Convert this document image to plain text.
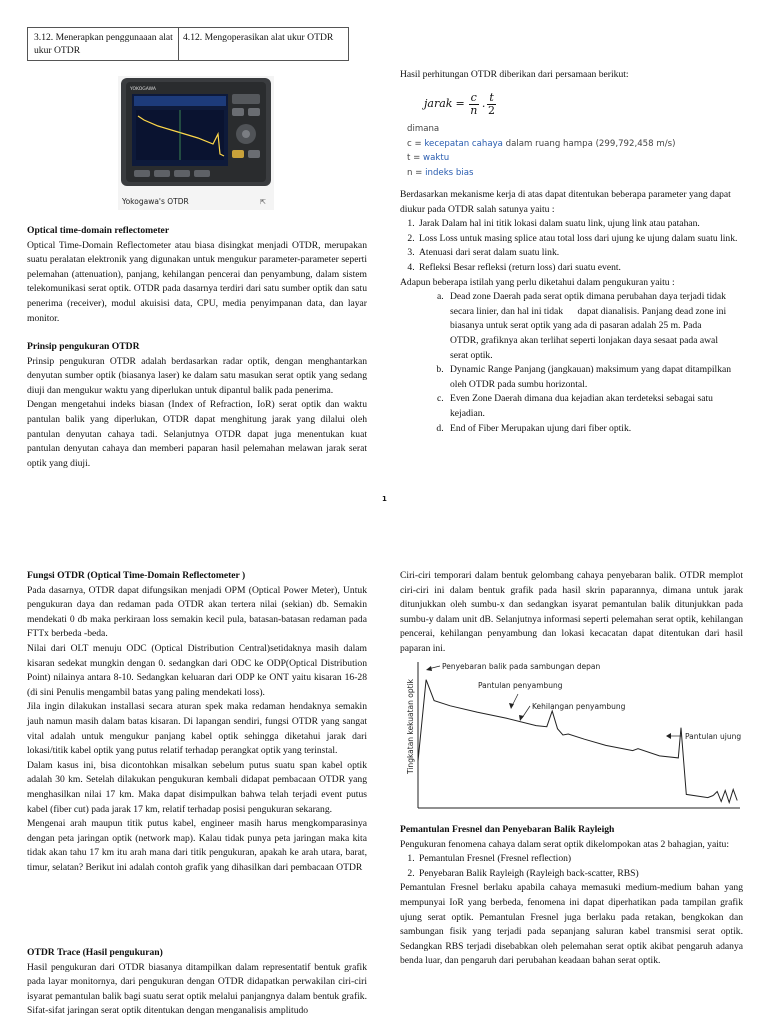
3.12. Menerapkan penggunaaan alat ukur OTDR	4.12. Mengoperasikan alat ukur OTDR
YOKOGAWA
Yokogawa's OTDR	⇱
Optical time-domain reflectometer
Optical Time-Domain Reflectometer atau biasa disingkat menjadi OTDR, merupakan suatu peralatan elektronik yang digunakan untuk mengukur parameter-parameter seperti pelemahan (attenuation), panjang, kehilangan pencerai dan penyambung, dalam sistem telekomunikasi serat optik. OTDR pada dasarnya terdiri dari satu sumber optik dan satu penerima (receiver), modul akuisisi data, CPU, media penyimpanan data, dan layar monitor.
Prinsip pengukuran OTDR
Prinsip pengukuran OTDR adalah berdasarkan radar optik, dengan menghantarkan denyutan sumber optik (biasanya laser) ke dalam satu masukan serat optik yang sedang diuji dan mengukur waktu yang diperlukan untuk dipantul balik pada penerima.
Dengan mengetahui indeks biasan (Index of Refraction, IoR) serat optik dan waktu pantulan balik yang diperlukan, OTDR dapat menghitung jarak yang dilalui oleh pantulan denyutan cahaya tadi. Selanjutnya OTDR dapat juga menentukan kuat pantulan denyutan cahaya dan memberi paparan hasil pelemahan melawan jarak serat optik yang diuji.
Hasil perhitungan OTDR diberikan dari persamaan berikut:
jarak = $\frac{c}{n}$ . t
2
dimana
c = kecepatan cahaya dalam ruang hampa (299,792,458 m/s)
t = waktu
n = indeks bias
Berdasarkan mekanisme kerja di atas dapat ditentukan beberapa parameter yang dapat diukur pada OTDR salah satunya yaitu :
1. Jarak Dalam hal ini titik lokasi dalam suatu link, ujung link atau patahan.
2. Loss Loss untuk masing splice atau total loss dari ujung ke ujung dalam suatu link.
3. Atenuasi dari serat dalam suatu link.
4. Refleksi Besar refleksi (return loss) dari suatu event.
Adapun beberapa istilah yang perlu diketahui dalam pengukuran yaitu :
a. Dead zone Daerah pada serat optik dimana perubahan daya terjadi tidak secara linier, dan hal ini tidak      dapat dianalisis. Panjang dead zone ini biasanya untuk serat optik yang ada di pasaran adalah 25 m. Pada    OTDR, grafiknya akan terlihat seperti lonjakan daya sesaat pada awal serat optik.
b. Dynamic Range Panjang (jangkauan) maksimum yang dapat ditampilkan oleh OTDR pada sumbu horizontal.
c. Even Zone Daerah dimana dua kejadian akan terdeteksi sebagai satu kejadian.
d. End of Fiber Merupakan ujung dari fiber optik.
1
Fungsi OTDR (Optical Time-Domain Reflectometer )
Pada dasarnya, OTDR dapat difungsikan menjadi OPM (Optical Power Meter), Untuk pengukuran daya dan redaman pada OTDR akan tertera nilai (sekian) db. Semakin mendekati 0 db maka perkiraan loss semakin kecil pula, batasan-batasan redaman pada FTTx berbeda -beda.
Nilai dari OLT menuju ODC (Optical Distribution Central)setidaknya masih dalam kisaran sedekat mungkin dengan 0. sedangkan dari ODC ke ODP(Optical Distribution Point) nilainya antara 8-10. Sedangkan keluaran dari ODP ke ONT yaitu kisaran 16-28 (di sini Penulis mengambil batas yang paling mendekati loss).
Jila ingin dilakukan installasi secara aturan spek maka redaman hendaknya semakin jauh namun masih dalam batas kisaran. Di lapangan sendiri, fungsi OTDR yang sangat vital adalah untuk mengukur panjang kabel optik sehingga diketahui jarak dari lokasi/titik kabel optik yang putus relatif terhadap perangkat optik yang terinstal.
Dalam kasus ini, bisa dicontohkan misalkan sebelum putus suatu span kabel optik adalah 30 km. Setelah dilakukan pengukuran kembali didapat pembacaan OTDR yang menghasilkan nilai 17 km. Maka dapat disimpulkan bahwa telah terjadi event putus kabel (fiber cut) pada jarak 17 km, relatif terhadap posisi pengukuran sekarang.
Mengenai arah maupun titik putus kabel, engineer masih harus mengkomparasinya dengan peta jaringan optik (network map). Kalau tidak punya peta jaringan maka kita tidak akan tahu 17 km itu arah mana dari titik pengukuran, apakah ke arah utara, barat, timur, selatan? Berikut ini adalah contoh grafik yang dihasilkan dari pembacaan OTDR
OTDR Trace (Hasil pengukuran)
Hasil pengukuran dari OTDR biasanya ditampilkan dalam representatif bentuk grafik pada layar monitornya, dari pengukuran dengan OTDR didapatkan perwakilan ciri-ciri isyarat pemantulan balik bagi suatu serat optik melalui panjangnya dalam bentuk grafik. Sifat-sifat jaringan serat optik ditentukan dengan menganalisis amplitudo
Ciri-ciri temporari dalam bentuk gelombang cahaya penyebaran balik. OTDR memplot ciri-ciri ini dalam bentuk grafik pada hasil skrin paparannya, dimana untuk jarak ditunjukkan oleh sumbu-x dan sedangkan isyarat pemantulan balik ditunjukkan pada sumbu-y dalam unit dB. Selanjutnya informasi seperti pelemahan serat optik, kehilangan pencerai, kehilangan penyambung dan lokasi kecacatan dapat ditentukan dari hasil paparan ini.
Tingkatan kekuatan optik
Penyebaran balik pada sambungan depan
Pantulan penyambung
Kehilangan penyambung
Pantulan ujung
Pemantulan Fresnel dan Penyebaran Balik Rayleigh
Pengukuran fenomena cahaya dalam serat optik dikelompokan atas 2 bahagian, yaitu:
1. Pemantulan Fresnel (Fresnel reflection)
2. Penyebaran Balik Rayleigh (Rayleigh back-scatter, RBS)
Pemantulan Fresnel berlaku apabila cahaya memasuki medium-medium bahan yang mempunyai IoR yang berbeda, fenomena ini dapat diperhatikan pada tampilan grafik ujung serat optik. Pemantulan Fresnel juga berlaku pada retakan, bengkokan dan sambungan fisik yang terjadi pada sepanjang saluran kabel transmisi serat optik. Sedangkan RBS terjadi disebabkan oleh pelemahan serat optik akibat pengaruh adanya benda luar, dan pengaruh dari perubahan keadaan bahan serat optik.
